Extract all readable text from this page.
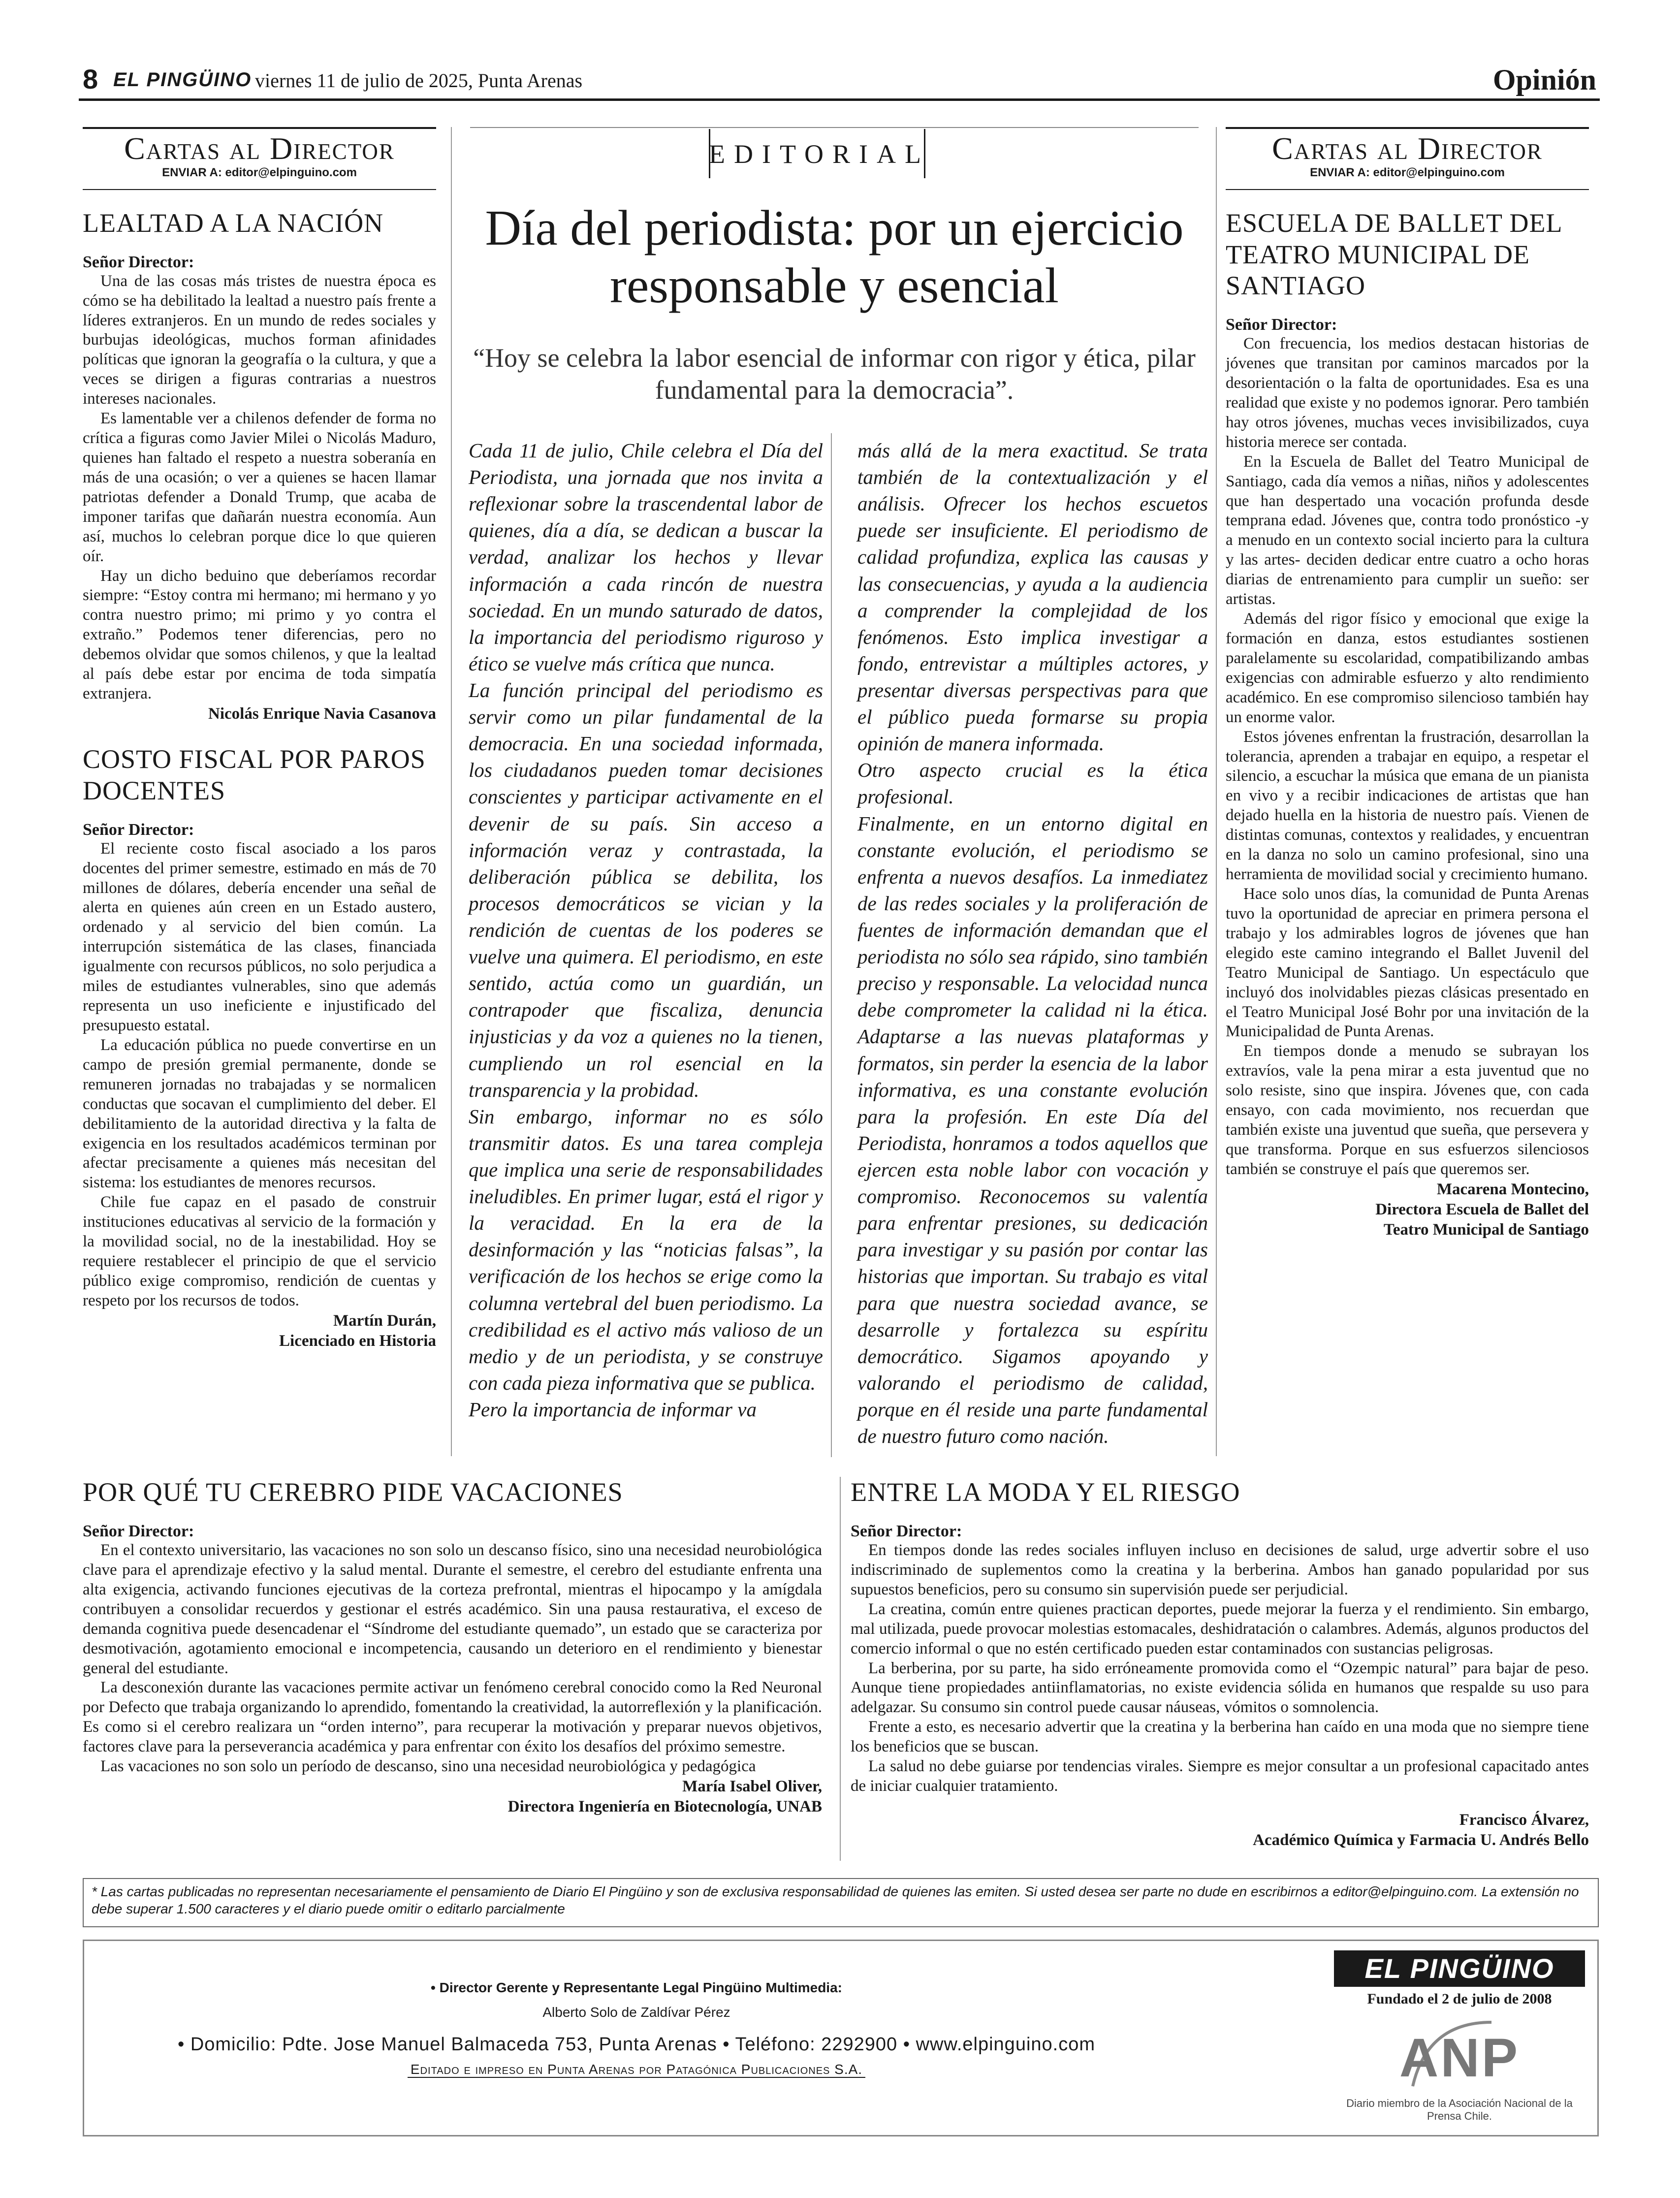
8 EL PINGÜINO viernes 11 de julio de 2025, Punta Arenas	Opinión
Cartas al Director
ENVIAR A: editor@elpinguino.com
LEALTAD A LA NACIÓN
Señor Director:

Una de las cosas más tristes de nuestra época es cómo se ha debilitado la lealtad a nuestro país frente a líderes extranjeros. En un mundo de redes sociales y burbujas ideológicas, muchos forman afinidades políticas que ignoran la geografía o la cultura, y que a veces se dirigen a figuras contrarias a nuestros intereses nacionales.

Es lamentable ver a chilenos defender de forma no crítica a figuras como Javier Milei o Nicolás Maduro, quienes han faltado el respeto a nuestra soberanía en más de una ocasión; o ver a quienes se hacen llamar patriotas defender a Donald Trump, que acaba de imponer tarifas que dañarán nuestra economía. Aun así, muchos lo celebran porque dice lo que quieren oír.

Hay un dicho beduino que deberíamos recordar siempre: “Estoy contra mi hermano; mi hermano y yo contra nuestro primo; mi primo y yo contra el extraño.” Podemos tener diferencias, pero no debemos olvidar que somos chilenos, y que la lealtad al país debe estar por encima de toda simpatía extranjera.

Nicolás Enrique Navia Casanova
COSTO FISCAL POR PAROS DOCENTES
Señor Director:

El reciente costo fiscal asociado a los paros docentes del primer semestre, estimado en más de 70 millones de dólares, debería encender una señal de alerta en quienes aún creen en un Estado austero, ordenado y al servicio del bien común. La interrupción sistemática de las clases, financiada igualmente con recursos públicos, no solo perjudica a miles de estudiantes vulnerables, sino que además representa un uso ineficiente e injustificado del presupuesto estatal.

La educación pública no puede convertirse en un campo de presión gremial permanente, donde se remuneren jornadas no trabajadas y se normalicen conductas que socavan el cumplimiento del deber. El debilitamiento de la autoridad directiva y la falta de exigencia en los resultados académicos terminan por afectar precisamente a quienes más necesitan del sistema: los estudiantes de menores recursos.

Chile fue capaz en el pasado de construir instituciones educativas al servicio de la formación y la movilidad social, no de la inestabilidad. Hoy se requiere restablecer el principio de que el servicio público exige compromiso, rendición de cuentas y respeto por los recursos de todos.

Martín Durán,
Licenciado en Historia
EDITORIAL
Día del periodista: por un ejercicio responsable y esencial
“Hoy se celebra la labor esencial de informar con rigor y ética, pilar fundamental para la democracia”.

Cada 11 de julio, Chile celebra el Día del Periodista, una jornada que nos invita a reflexionar sobre la trascendental labor de quienes, día a día, se dedican a buscar la verdad, analizar los hechos y llevar información a cada rincón de nuestra sociedad. En un mundo saturado de datos, la importancia del periodismo riguroso y ético se vuelve más crítica que nunca.

La función principal del periodismo es servir como un pilar fundamental de la democracia. En una sociedad informada, los ciudadanos pueden tomar decisiones conscientes y participar activamente en el devenir de su país. Sin acceso a información veraz y contrastada, la deliberación pública se debilita, los procesos democráticos se vician y la rendición de cuentas de los poderes se vuelve una quimera. El periodismo, en este sentido, actúa como un guardián, un contrapoder que fiscaliza, denuncia injusticias y da voz a quienes no la tienen, cumpliendo un rol esencial en la transparencia y la probidad.

Sin embargo, informar no es sólo transmitir datos. Es una tarea compleja que implica una serie de responsabilidades ineludibles. En primer lugar, está el rigor y la veracidad. En la era de la desinformación y las “noticias falsas”, la verificación de los hechos se erige como la columna vertebral del buen periodismo. La credibilidad es el activo más valioso de un medio y de un periodista, y se construye con cada pieza informativa que se publica.

Pero la importancia de informar va

más allá de la mera exactitud. Se trata también de la contextualización y el análisis. Ofrecer los hechos escuetos puede ser insuficiente. El periodismo de calidad profundiza, explica las causas y las consecuencias, y ayuda a la audiencia a comprender la complejidad de los fenómenos. Esto implica investigar a fondo, entrevistar a múltiples actores, y presentar diversas perspectivas para que el público pueda formarse su propia opinión de manera informada.

Otro aspecto crucial es la ética profesional.

Finalmente, en un entorno digital en constante evolución, el periodismo se enfrenta a nuevos desafíos. La inmediatez de las redes sociales y la proliferación de fuentes de información demandan que el periodista no sólo sea rápido, sino también preciso y responsable. La velocidad nunca debe comprometer la calidad ni la ética. Adaptarse a las nuevas plataformas y formatos, sin perder la esencia de la labor informativa, es una constante evolución para la profesión. En este Día del Periodista, honramos a todos aquellos que ejercen esta noble labor con vocación y compromiso. Reconocemos su valentía para enfrentar presiones, su dedicación para investigar y su pasión por contar las historias que importan. Su trabajo es vital para que nuestra sociedad avance, se desarrolle y fortalezca su espíritu democrático. Sigamos apoyando y valorando el periodismo de calidad, porque en él reside una parte fundamental de nuestro futuro como nación.

Cartas al Director
ENVIAR A: editor@elpinguino.com
ESCUELA DE BALLET DEL TEATRO MUNICIPAL DE SANTIAGO
Señor Director:

Con frecuencia, los medios destacan historias de jóvenes que transitan por caminos marcados por la desorientación o la falta de oportunidades. Esa es una realidad que existe y no podemos ignorar. Pero también hay otros jóvenes, muchas veces invisibilizados, cuya historia merece ser contada.

En la Escuela de Ballet del Teatro Municipal de Santiago, cada día vemos a niñas, niños y adolescentes que han despertado una vocación profunda desde temprana edad. Jóvenes que, contra todo pronóstico -y a menudo en un contexto social incierto para la cultura y las artes- deciden dedicar entre cuatro a ocho horas diarias de entrenamiento para cumplir un sueño: ser artistas.

Además del rigor físico y emocional que exige la formación en danza, estos estudiantes sostienen paralelamente su escolaridad, compatibilizando ambas exigencias con admirable esfuerzo y alto rendimiento académico. En ese compromiso silencioso también hay un enorme valor.

Estos jóvenes enfrentan la frustración, desarrollan la tolerancia, aprenden a trabajar en equipo, a respetar el silencio, a escuchar la música que emana de un pianista en vivo y a recibir indicaciones de artistas que han dejado huella en la historia de nuestro país. Vienen de distintas comunas, contextos y realidades, y encuentran en la danza no solo un camino profesional, sino una herramienta de movilidad social y crecimiento humano.

Hace solo unos días, la comunidad de Punta Arenas tuvo la oportunidad de apreciar en primera persona el trabajo y los admirables logros de jóvenes que han elegido este camino integrando el Ballet Juvenil del Teatro Municipal de Santiago. Un espectáculo que incluyó dos inolvidables piezas clásicas presentado en el Teatro Municipal José Bohr por una invitación de la Municipalidad de Punta Arenas.

En tiempos donde a menudo se subrayan los extravíos, vale la pena mirar a esta juventud que no solo resiste, sino que inspira. Jóvenes que, con cada ensayo, con cada movimiento, nos recuerdan que también existe una juventud que sueña, que persevera y que transforma. Porque en sus esfuerzos silenciosos también se construye el país que queremos ser.

Macarena Montecino,
Directora Escuela de Ballet del
Teatro Municipal de Santiago
POR QUÉ TU CEREBRO PIDE VACACIONES
Señor Director:

En el contexto universitario, las vacaciones no son solo un descanso físico, sino una necesidad neurobiológica clave para el aprendizaje efectivo y la salud mental. Durante el semestre, el cerebro del estudiante enfrenta una alta exigencia, activando funciones ejecutivas de la corteza prefrontal, mientras el hipocampo y la amígdala contribuyen a consolidar recuerdos y gestionar el estrés académico. Sin una pausa restaurativa, el exceso de demanda cognitiva puede desencadenar el “Síndrome del estudiante quemado”, un estado que se caracteriza por desmotivación, agotamiento emocional e incompetencia, causando un deterioro en el rendimiento y bienestar general del estudiante.

La desconexión durante las vacaciones permite activar un fenómeno cerebral conocido como la Red Neuronal por Defecto que trabaja organizando lo aprendido, fomentando la creatividad, la autorreflexión y la planificación. Es como si el cerebro realizara un “orden interno”, para recuperar la motivación y preparar nuevos objetivos, factores clave para la perseverancia académica y para enfrentar con éxito los desafíos del próximo semestre.

Las vacaciones no son solo un período de descanso, sino una necesidad neurobiológica y pedagógica

María Isabel Oliver,
Directora Ingeniería en Biotecnología, UNAB
ENTRE LA MODA Y EL RIESGO
Señor Director:

En tiempos donde las redes sociales influyen incluso en decisiones de salud, urge advertir sobre el uso indiscriminado de suplementos como la creatina y la berberina. Ambos han ganado popularidad por sus supuestos beneficios, pero su consumo sin supervisión puede ser perjudicial.

La creatina, común entre quienes practican deportes, puede mejorar la fuerza y el rendimiento. Sin embargo, mal utilizada, puede provocar molestias estomacales, deshidratación o calambres. Además, algunos productos del comercio informal o que no estén certificado pueden estar contaminados con sustancias peligrosas.

La berberina, por su parte, ha sido erróneamente promovida como el “Ozempic natural” para bajar de peso. Aunque tiene propiedades antiinflamatorias, no existe evidencia sólida en humanos que respalde su uso para adelgazar. Su consumo sin control puede causar náuseas, vómitos o somnolencia.

Frente a esto, es necesario advertir que la creatina y la berberina han caído en una moda que no siempre tiene los beneficios que se buscan.

La salud no debe guiarse por tendencias virales. Siempre es mejor consultar a un profesional capacitado antes de iniciar cualquier tratamiento.

Francisco Álvarez,
Académico Química y Farmacia U. Andrés Bello
* Las cartas publicadas no representan necesariamente el pensamiento de Diario El Pingüino y son de exclusiva responsabilidad de quienes las emiten. Si usted desea ser parte no dude en escribirnos a editor@elpinguino.com. La extensión no debe superar 1.500 caracteres y el diario puede omitir o editarlo parcialmente
• Director Gerente y Representante Legal Pingüino Multimedia:
Alberto Solo de Zaldívar Pérez
• Domicilio: Pdte. Jose Manuel Balmaceda 753, Punta Arenas • Teléfono: 2292900 • www.elpinguino.com
Editado e impreso en Punta Arenas por Patagónica Publicaciones S.A.
EL PINGÜINO
Fundado el 2 de julio de 2008
ANP
Diario miembro de la Asociación Nacional de la Prensa Chile.
